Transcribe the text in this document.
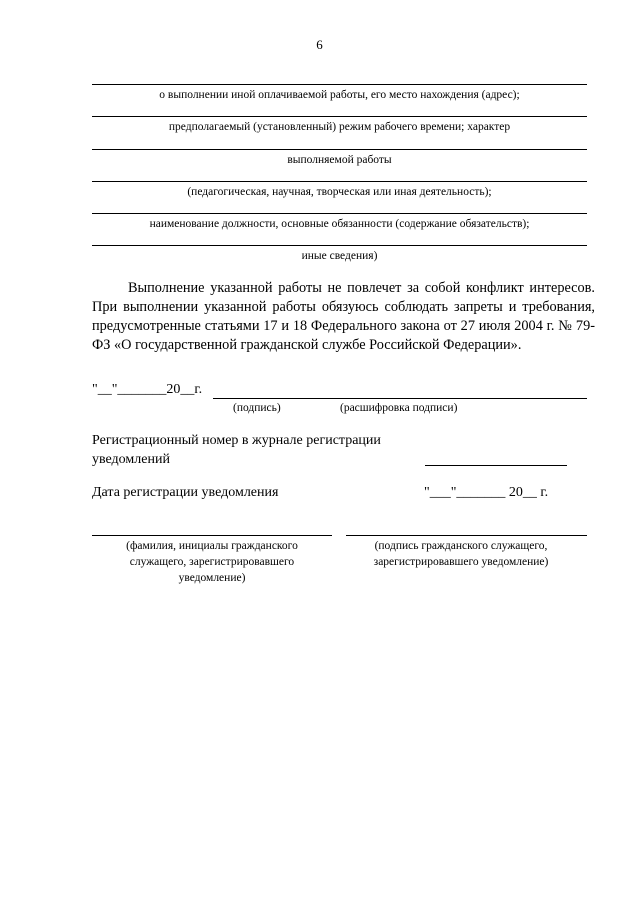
6
о выполнении иной оплачиваемой работы, его место нахождения (адрес);
предполагаемый (установленный) режим рабочего времени; характер
выполняемой работы
(педагогическая, научная, творческая или иная деятельность);
наименование должности, основные обязанности (содержание обязательств);
иные сведения)
Выполнение указанной работы не повлечет за собой конфликт интересов. При выполнении указанной работы обязуюсь соблюдать запреты и требования, предусмотренные статьями 17 и 18 Федерального закона от 27 июля 2004 г. № 79-ФЗ «О государственной гражданской службе Российской Федерации».
"__"_______20__г.
(подпись)	(расшифровка подписи)
Регистрационный номер в журнале регистрации уведомлений
Дата регистрации уведомления	"___"_______ 20__ г.
(фамилия, инициалы гражданского служащего, зарегистрировавшего уведомление)
(подпись гражданского служащего, зарегистрировавшего уведомление)
